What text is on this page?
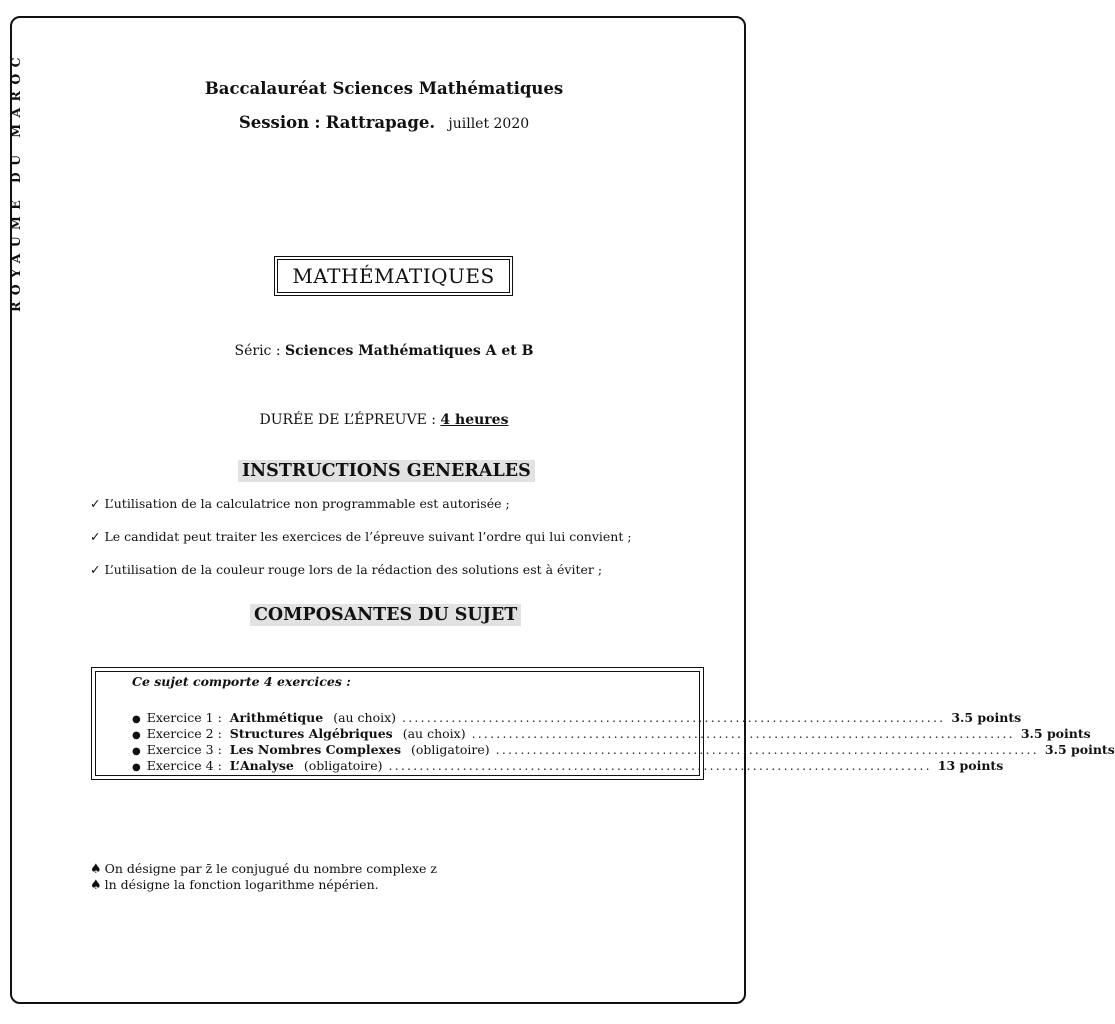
ROYAUME DU MAROC	Baccalauréat Sciences Mathématiques
Session : Rattrapage. juillet 2020
MATHÉMATIQUES
Séric : Sciences Mathématiques A et B
DURÉE DE L’ÉPREUVE : 4 heures
INSTRUCTIONS GENERALES
✓ L’utilisation de la calculatrice non programmable est autorisée ;
✓ Le candidat peut traiter les exercices de l’épreuve suivant l’ordre qui lui convient ;
✓ L’utilisation de la couleur rouge lors de la rédaction des solutions est à éviter ;
COMPOSANTES DU SUJET
Ce sujet comporte 4 exercices :
● Exercice 1 : Arithmétique (au choix) ........................................................................................ 3.5 points
● Exercice 2 : Structures Algébriques (au choix) ........................................................................................ 3.5 points
● Exercice 3 : Les Nombres Complexes (obligatoire) ........................................................................................ 3.5 points
● Exercice 4 : L’Analyse (obligatoire) ........................................................................................ 13 points
♠ On désigne par z̄ le conjugué du nombre complexe z
♠ ln désigne la fonction logarithme népérien.
